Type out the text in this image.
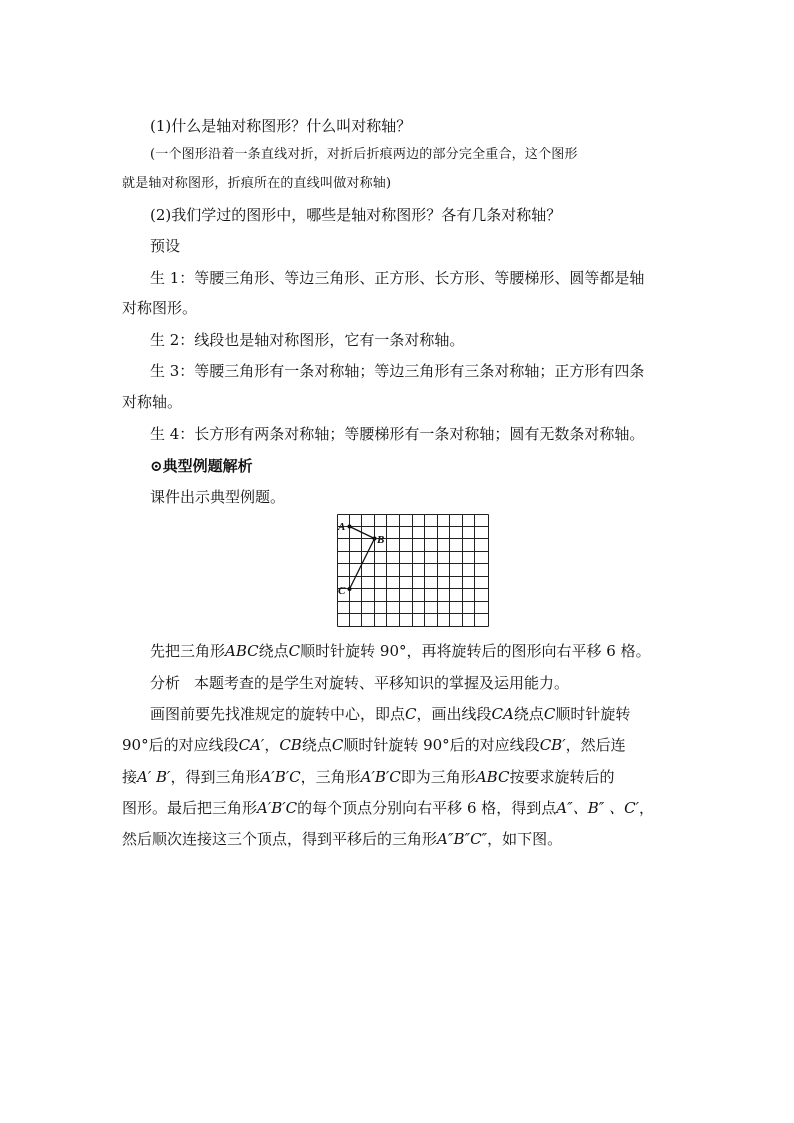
(1)什么是轴对称图形？什么叫对称轴？
(一个图形沿着一条直线对折，对折后折痕两边的部分完全重合，这个图形
就是轴对称图形，折痕所在的直线叫做对称轴)
(2)我们学过的图形中，哪些是轴对称图形？各有几条对称轴？
预设
生 1：等腰三角形、等边三角形、正方形、长方形、等腰梯形、圆等都是轴
对称图形。
生 2：线段也是轴对称图形，它有一条对称轴。
生 3：等腰三角形有一条对称轴；等边三角形有三条对称轴；正方形有四条
对称轴。
生 4：长方形有两条对称轴；等腰梯形有一条对称轴；圆有无数条对称轴。
⊙典型例题解析
课件出示典型例题。
A
B
C
先把三角形ABC绕点C顺时针旋转 90°，再将旋转后的图形向右平移 6 格。
分析 本题考查的是学生对旋转、平移知识的掌握及运用能力。
画图前要先找准规定的旋转中心，即点C，画出线段CA绕点C顺时针旋转
90°后的对应线段CA′，CB绕点C顺时针旋转 90°后的对应线段CB′，然后连
接A′ B′，得到三角形A′B′C，三角形A′B′C即为三角形ABC按要求旋转后的
图形。最后把三角形A′B′C的每个顶点分别向右平移 6 格，得到点A″、B″ 、C′，
然后顺次连接这三个顶点，得到平移后的三角形A″B″C″，如下图。
